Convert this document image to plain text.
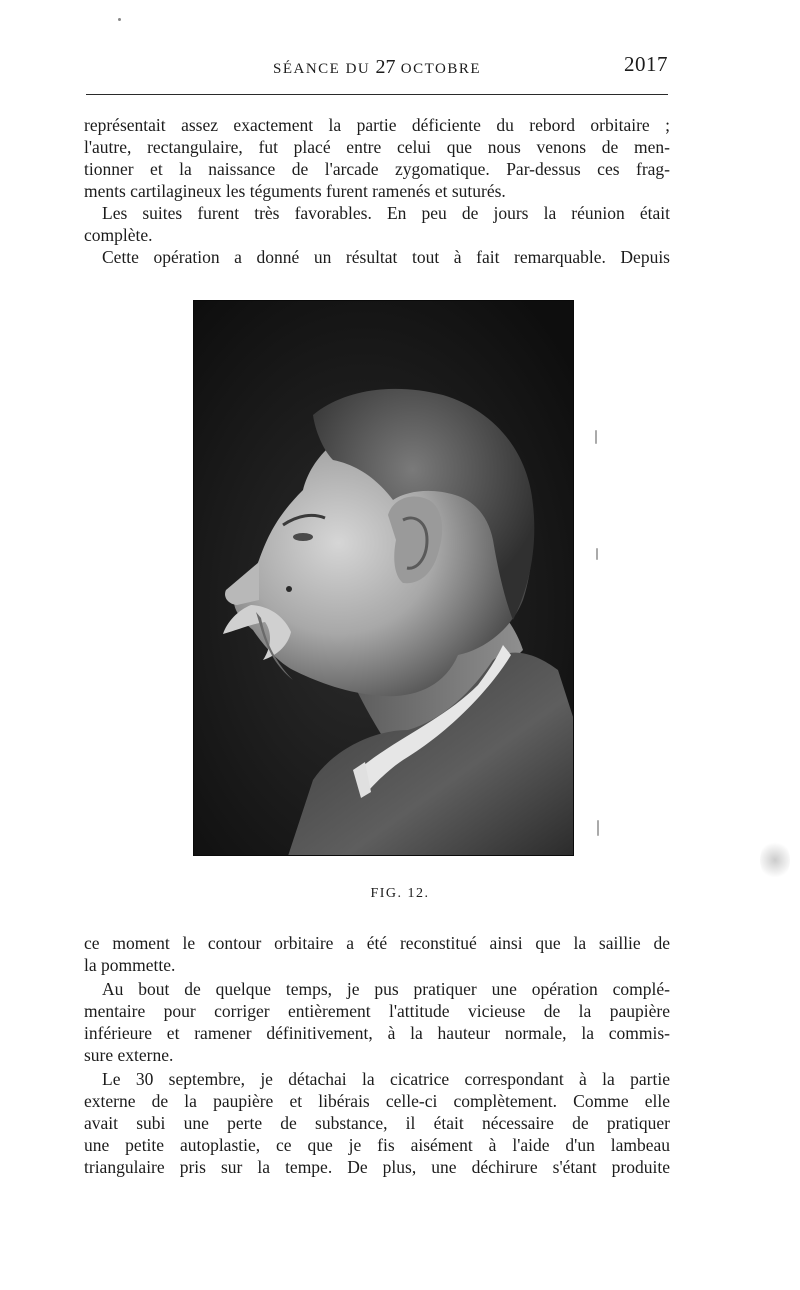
SÉANCE DU 27 OCTOBRE	2017
représentait assez exactement la partie déficiente du rebord orbitaire ;
l'autre, rectangulaire, fut placé entre celui que nous venons de men-
tionner et la naissance de l'arcade zygomatique. Par-dessus ces frag-
ments cartilagineux les téguments furent ramenés et suturés.
Les suites furent très favorables. En peu de jours la réunion était
complète.
Cette opération a donné un résultat tout à fait remarquable. Depuis
FIG. 12.
ce moment le contour orbitaire a été reconstitué ainsi que la saillie de
la pommette.
Au bout de quelque temps, je pus pratiquer une opération complé-
mentaire pour corriger entièrement l'attitude vicieuse de la paupière
inférieure et ramener définitivement, à la hauteur normale, la commis-
sure externe.
Le 30 septembre, je détachai la cicatrice correspondant à la partie
externe de la paupière et libérais celle-ci complètement. Comme elle
avait subi une perte de substance, il était nécessaire de pratiquer
une petite autoplastie, ce que je fis aisément à l'aide d'un lambeau
triangulaire pris sur la tempe. De plus, une déchirure s'étant produite
